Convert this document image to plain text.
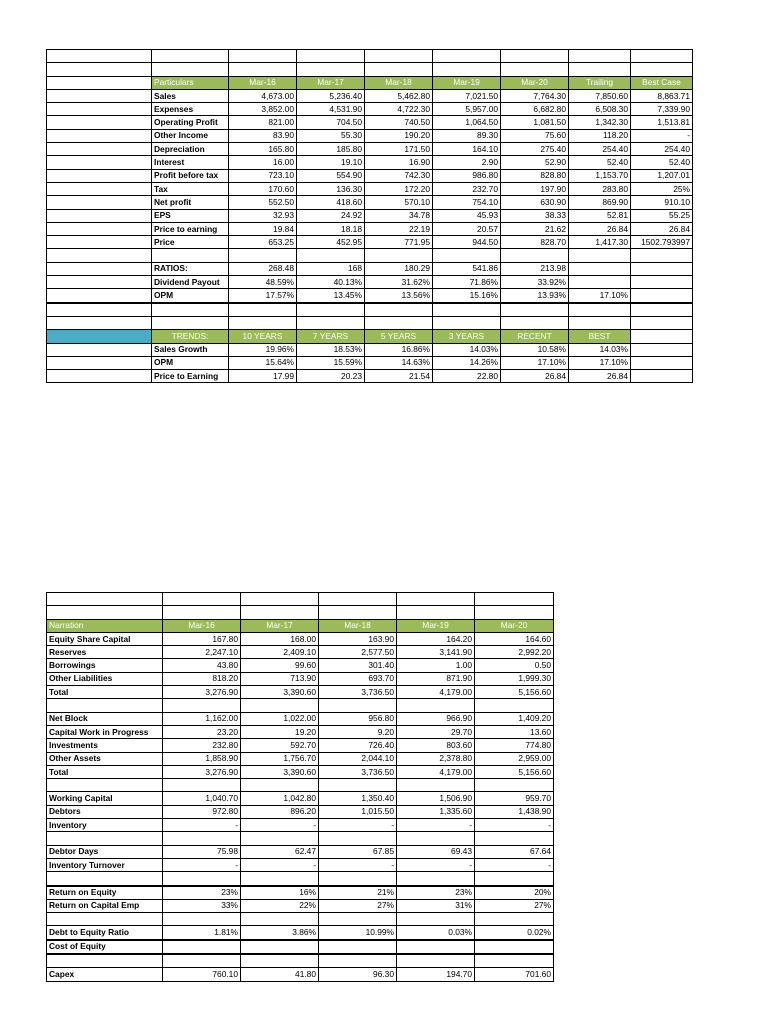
	Particulars	Mar-16	Mar-17	Mar-18	Mar-19	Mar-20	Trailing	Best Case
	Sales	4,673.00	5,236.40	5,462.80	7,021.50	7,764.30	7,850.60	8,863.71
	Expenses	3,852.00	4,531.90	4,722.30	5,957.00	6,682.80	6,508.30	7,339.90
	Operating Profit	821.00	704.50	740.50	1,064.50	1,081.50	1,342.30	1,513.81
	Other Income	83.90	55.30	190.20	89.30	75.60	118.20	-
	Depreciation	165.80	185.80	171.50	164.10	275.40	254.40	254.40
	Interest	16.00	19.10	16.90	2.90	52.90	52.40	52.40
	Profit before tax	723.10	554.90	742.30	986.80	828.80	1,153.70	1,207.01
	Tax	170.60	136.30	172.20	232.70	197.90	283.80	25%
	Net profit	552.50	418.60	570.10	754.10	630.90	869.90	910.10
	EPS	32.93	24.92	34.78	45.93	38.33	52.81	55.25
	Price to earning	19.84	18.18	22.19	20.57	21.62	26.84	26.84
	Price	653.25	452.95	771.95	944.50	828.70	1,417.30	1502.793997

	RATIOS:	268.48	168	180.29	541.86	213.98		
	Dividend Payout	48.59%	40.13%	31.62%	71.86%	33.92%		
	OPM	17.57%	13.45%	13.56%	15.16%	13.93%	17.10%	

	TRENDS:	10 YEARS	7 YEARS	5 YEARS	3 YEARS	RECENT	BEST	
	Sales Growth	19.96%	18.53%	16.86%	14.03%	10.58%	14.03%	
	OPM	15.64%	15.59%	14.63%	14.26%	17.10%	17.10%	
	Price to Earning	17.99	20.23	21.54	22.80	26.84	26.84	

Narration	Mar-16	Mar-17	Mar-18	Mar-19	Mar-20
Equity Share Capital	167.80	168.00	163.90	164.20	164.60
Reserves	2,247.10	2,409.10	2,577.50	3,141.90	2,992.20
Borrowings	43.80	99.60	301.40	1.00	0.50
Other Liabilities	818.20	713.90	693.70	871.90	1,999.30
Total	3,276.90	3,390.60	3,736.50	4,179.00	5,156.60

Net Block	1,162.00	1,022.00	956.80	966.90	1,409.20
Capital Work in Progress	23.20	19.20	9.20	29.70	13.60
Investments	232.80	592.70	726.40	803.60	774.80
Other Assets	1,858.90	1,756.70	2,044.10	2,378.80	2,959.00
Total	3,276.90	3,390.60	3,736.50	4,179.00	5,156.60

Working Capital	1,040.70	1,042.80	1,350.40	1,506.90	959.70
Debtors	972.80	896.20	1,015.50	1,335.60	1,438.90
Inventory	-	-	-	-	-

Debtor Days	75.98	62.47	67.85	69.43	67.64
Inventory Turnover	-	-	-	-	-

Return on Equity	23%	16%	21%	23%	20%
Return on Capital Emp	33%	22%	27%	31%	27%

Debt to Equity Ratio	1.81%	3.86%	10.99%	0.03%	0.02%
Cost of Equity					

Capex	760.10	41.80	96.30	194.70	701.60
